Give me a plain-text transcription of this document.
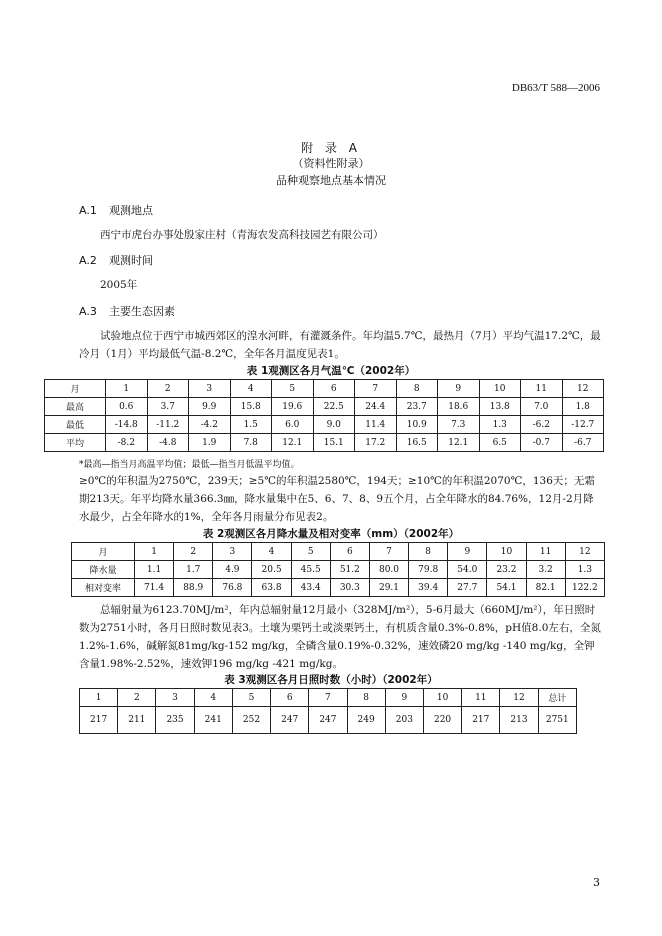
DB63/T 588—2006
附 录 A
（资料性附录）
品种观察地点基本情况
A.1 观测地点
西宁市虎台办事处殷家庄村（青海农发高科技园艺有限公司）
A.2 观测时间
2005年
A.3 主要生态因素
试验地点位于西宁市城西郊区的湟水河畔，有灌溉条件。年均温5.7℃，最热月（7月）平均气温17.2℃，最冷月（1月）平均最低气温-8.2℃，全年各月温度见表1。
表 1观测区各月气温℃（2002年）
月	1	2	3	4	5	6	7	8	9	10	11	12
最高	0.6	3.7	9.9	15.8	19.6	22.5	24.4	23.7	18.6	13.8	7.0	1.8
最低	-14.8	-11.2	-4.2	1.5	6.0	9.0	11.4	10.9	7.3	1.3	-6.2	-12.7
平均	-8.2	-4.8	1.9	7.8	12.1	15.1	17.2	16.5	12.1	6.5	-0.7	-6.7
*最高—指当月高温平均值；最低—指当月低温平均值。
≥0℃的年积温为2750℃，239天；≥5℃的年积温2580℃，194天；≥10℃的年积温2070℃，136天；无霜期213天。年平均降水量366.3㎜，降水量集中在5、6、7、8、9五个月，占全年降水的84.76%，12月-2月降水最少，占全年降水的1%，全年各月雨量分布见表2。
表 2观测区各月降水量及相对变率（mm）（2002年）
月	1	2	3	4	5	6	7	8	9	10	11	12
降水量	1.1	1.7	4.9	20.5	45.5	51.2	80.0	79.8	54.0	23.2	3.2	1.3
相对变率	71.4	88.9	76.8	63.8	43.4	30.3	29.1	39.4	27.7	54.1	82.1	122.2
总辐射量为6123.70MJ/m²，年内总辐射量12月最小（328MJ/m²），5-6月最大（660MJ/m²），年日照时数为2751小时，各月日照时数见表3。土壤为栗钙土或淡栗钙土，有机质含量0.3%-0.8%，pH值8.0左右，全氮1.2%-1.6%，碱解氮81mg/kg-152 mg/kg，全磷含量0.19%-0.32%，速效磷20 mg/kg -140 mg/kg，全钾含量1.98%-2.52%，速效钾196 mg/kg -421 mg/kg。
表 3观测区各月日照时数（小时）（2002年）
1	2	3	4	5	6	7	8	9	10	11	12	总计
217	211	235	241	252	247	247	249	203	220	217	213	2751
3
